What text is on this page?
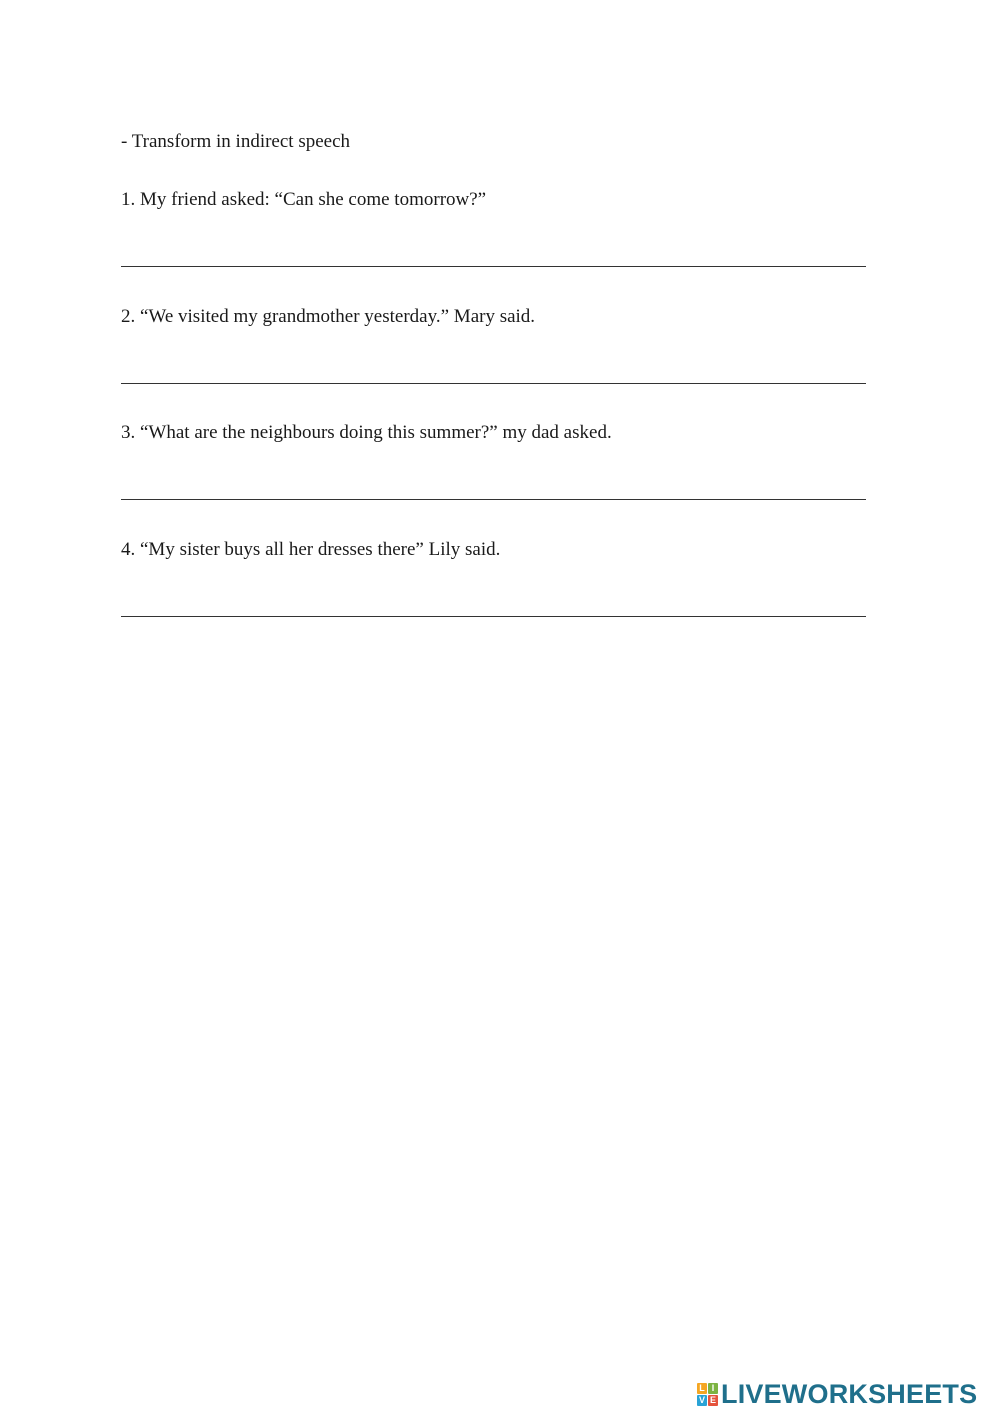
- Transform in indirect speech
1. My friend asked: “Can she come tomorrow?”
2. “We visited my grandmother yesterday.” Mary said.
3. “What are the neighbours doing this summer?” my dad asked.
4. “My sister buys all her dresses there” Lily said.
L I
V E LIVEWORKSHEETS
